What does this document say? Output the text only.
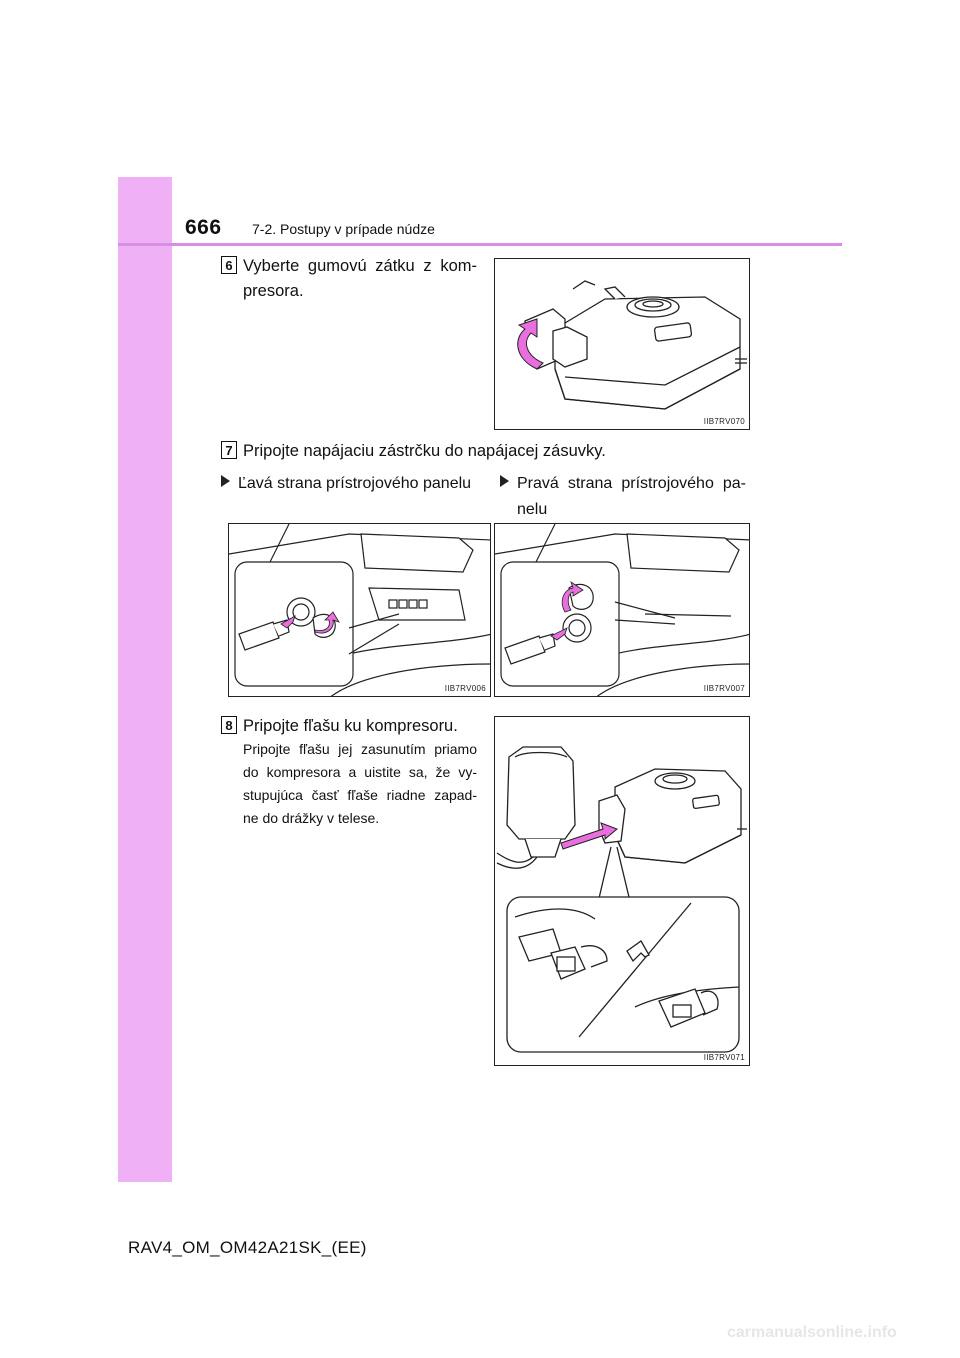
666 7-2. Postupy v prípade núdze
6 Vyberte gumovú zátku z kom-
presora.
IIB7RV070
7 Pripojte napájaciu zástrčku do napájacej zásuvky.
Ľavá strana prístrojového panelu	Pravá strana prístrojového pa-
nelu
IIB7RV006	IIB7RV007
8 Pripojte fľašu ku kompresoru.
Pripojte fľašu jej zasunutím priamo
do kompresora a uistite sa, že vy-
stupujúca časť fľaše riadne zapad-
ne do drážky v telese.
IIB7RV071
RAV4_OM_OM42A21SK_(EE)
carmanualsonline.info
